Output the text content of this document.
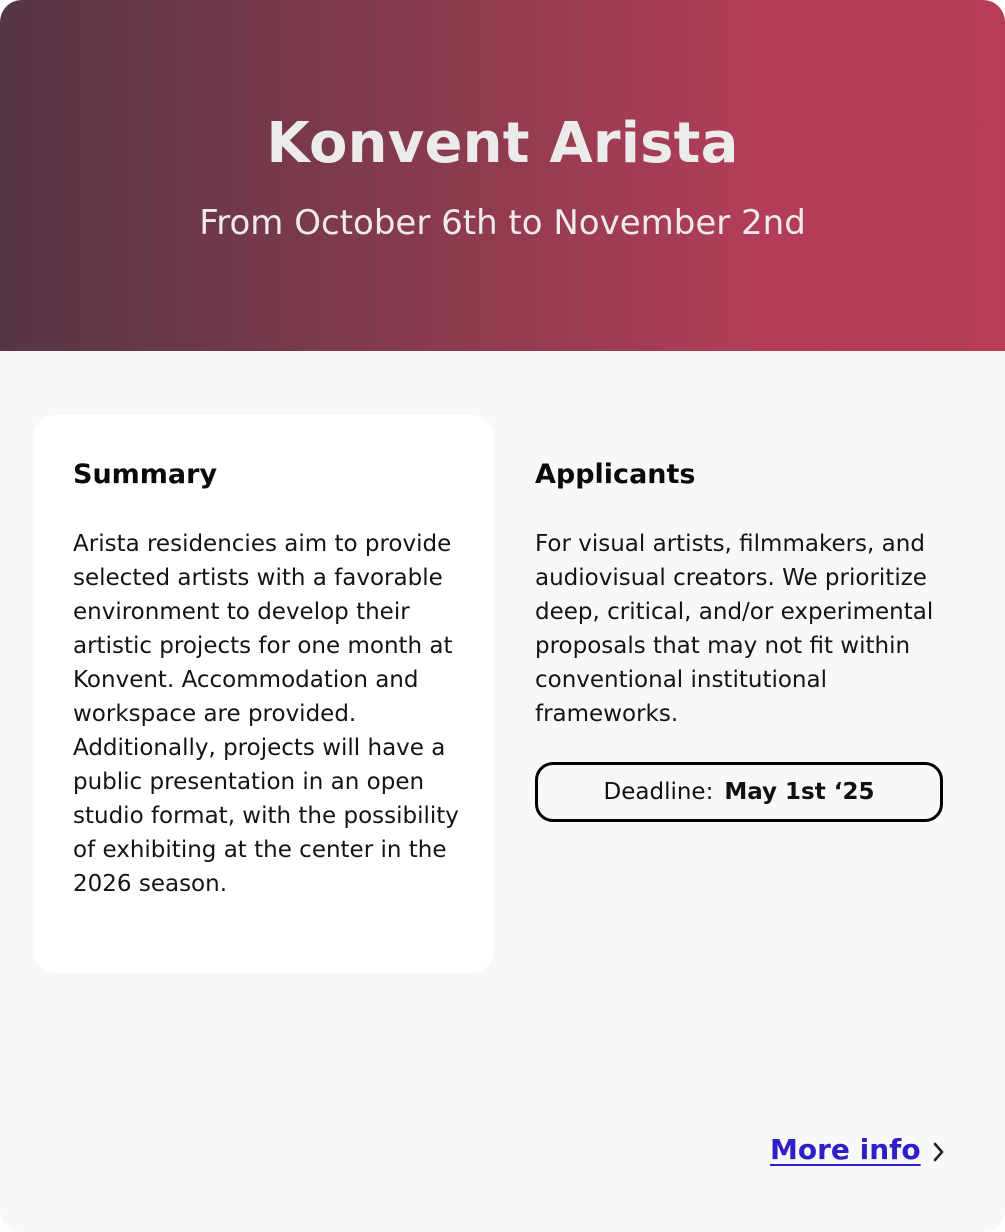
Konvent Arista
From October 6th to November 2nd
Summary
Arista residencies aim to provide selected artists with a favorable environment to develop their artistic projects for one month at Konvent. Accommodation and workspace are provided. Additionally, projects will have a public presentation in an open studio format, with the possibility of exhibiting at the center in the 2026 season.
Applicants
For visual artists, filmmakers, and audiovisual creators. We prioritize deep, critical, and/or experimental proposals that may not fit within conventional institutional frameworks.
Deadline: May 1st ‘25
More info
